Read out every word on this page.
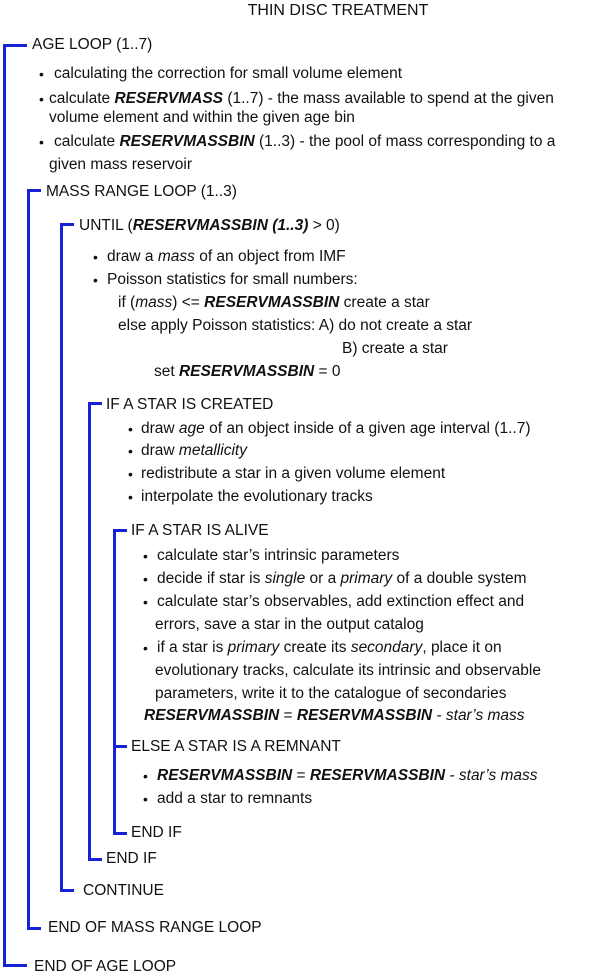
THIN DISC TREATMENT
AGE LOOP (1..7)
• calculating the correction for small volume element
• calculate RESERVMASS (1..7) - the mass available to spend at the given
volume element and within the given age bin
• calculate RESERVMASSBIN (1..3) - the pool of mass corresponding to a
given mass reservoir
MASS RANGE LOOP (1..3)
UNTIL (RESERVMASSBIN (1..3) > 0)
• draw a mass of an object from IMF
• Poisson statistics for small numbers:
if (mass) <= RESERVMASSBIN create a star
else apply Poisson statistics: A) do not create a star
B) create a star
set RESERVMASSBIN = 0
IF A STAR IS CREATED
• draw age of an object inside of a given age interval (1..7)
• draw metallicity
• redistribute a star in a given volume element
• interpolate the evolutionary tracks
IF A STAR IS ALIVE
• calculate star’s intrinsic parameters
• decide if star is single or a primary of a double system
• calculate star’s observables, add extinction effect and
errors, save a star in the output catalog
• if a star is primary create its secondary, place it on
evolutionary tracks, calculate its intrinsic and observable
parameters, write it to the catalogue of secondaries
RESERVMASSBIN = RESERVMASSBIN - star’s mass
ELSE A STAR IS A REMNANT
• RESERVMASSBIN = RESERVMASSBIN - star’s mass
• add a star to remnants
END IF
END IF
CONTINUE
END OF MASS RANGE LOOP
END OF AGE LOOP
